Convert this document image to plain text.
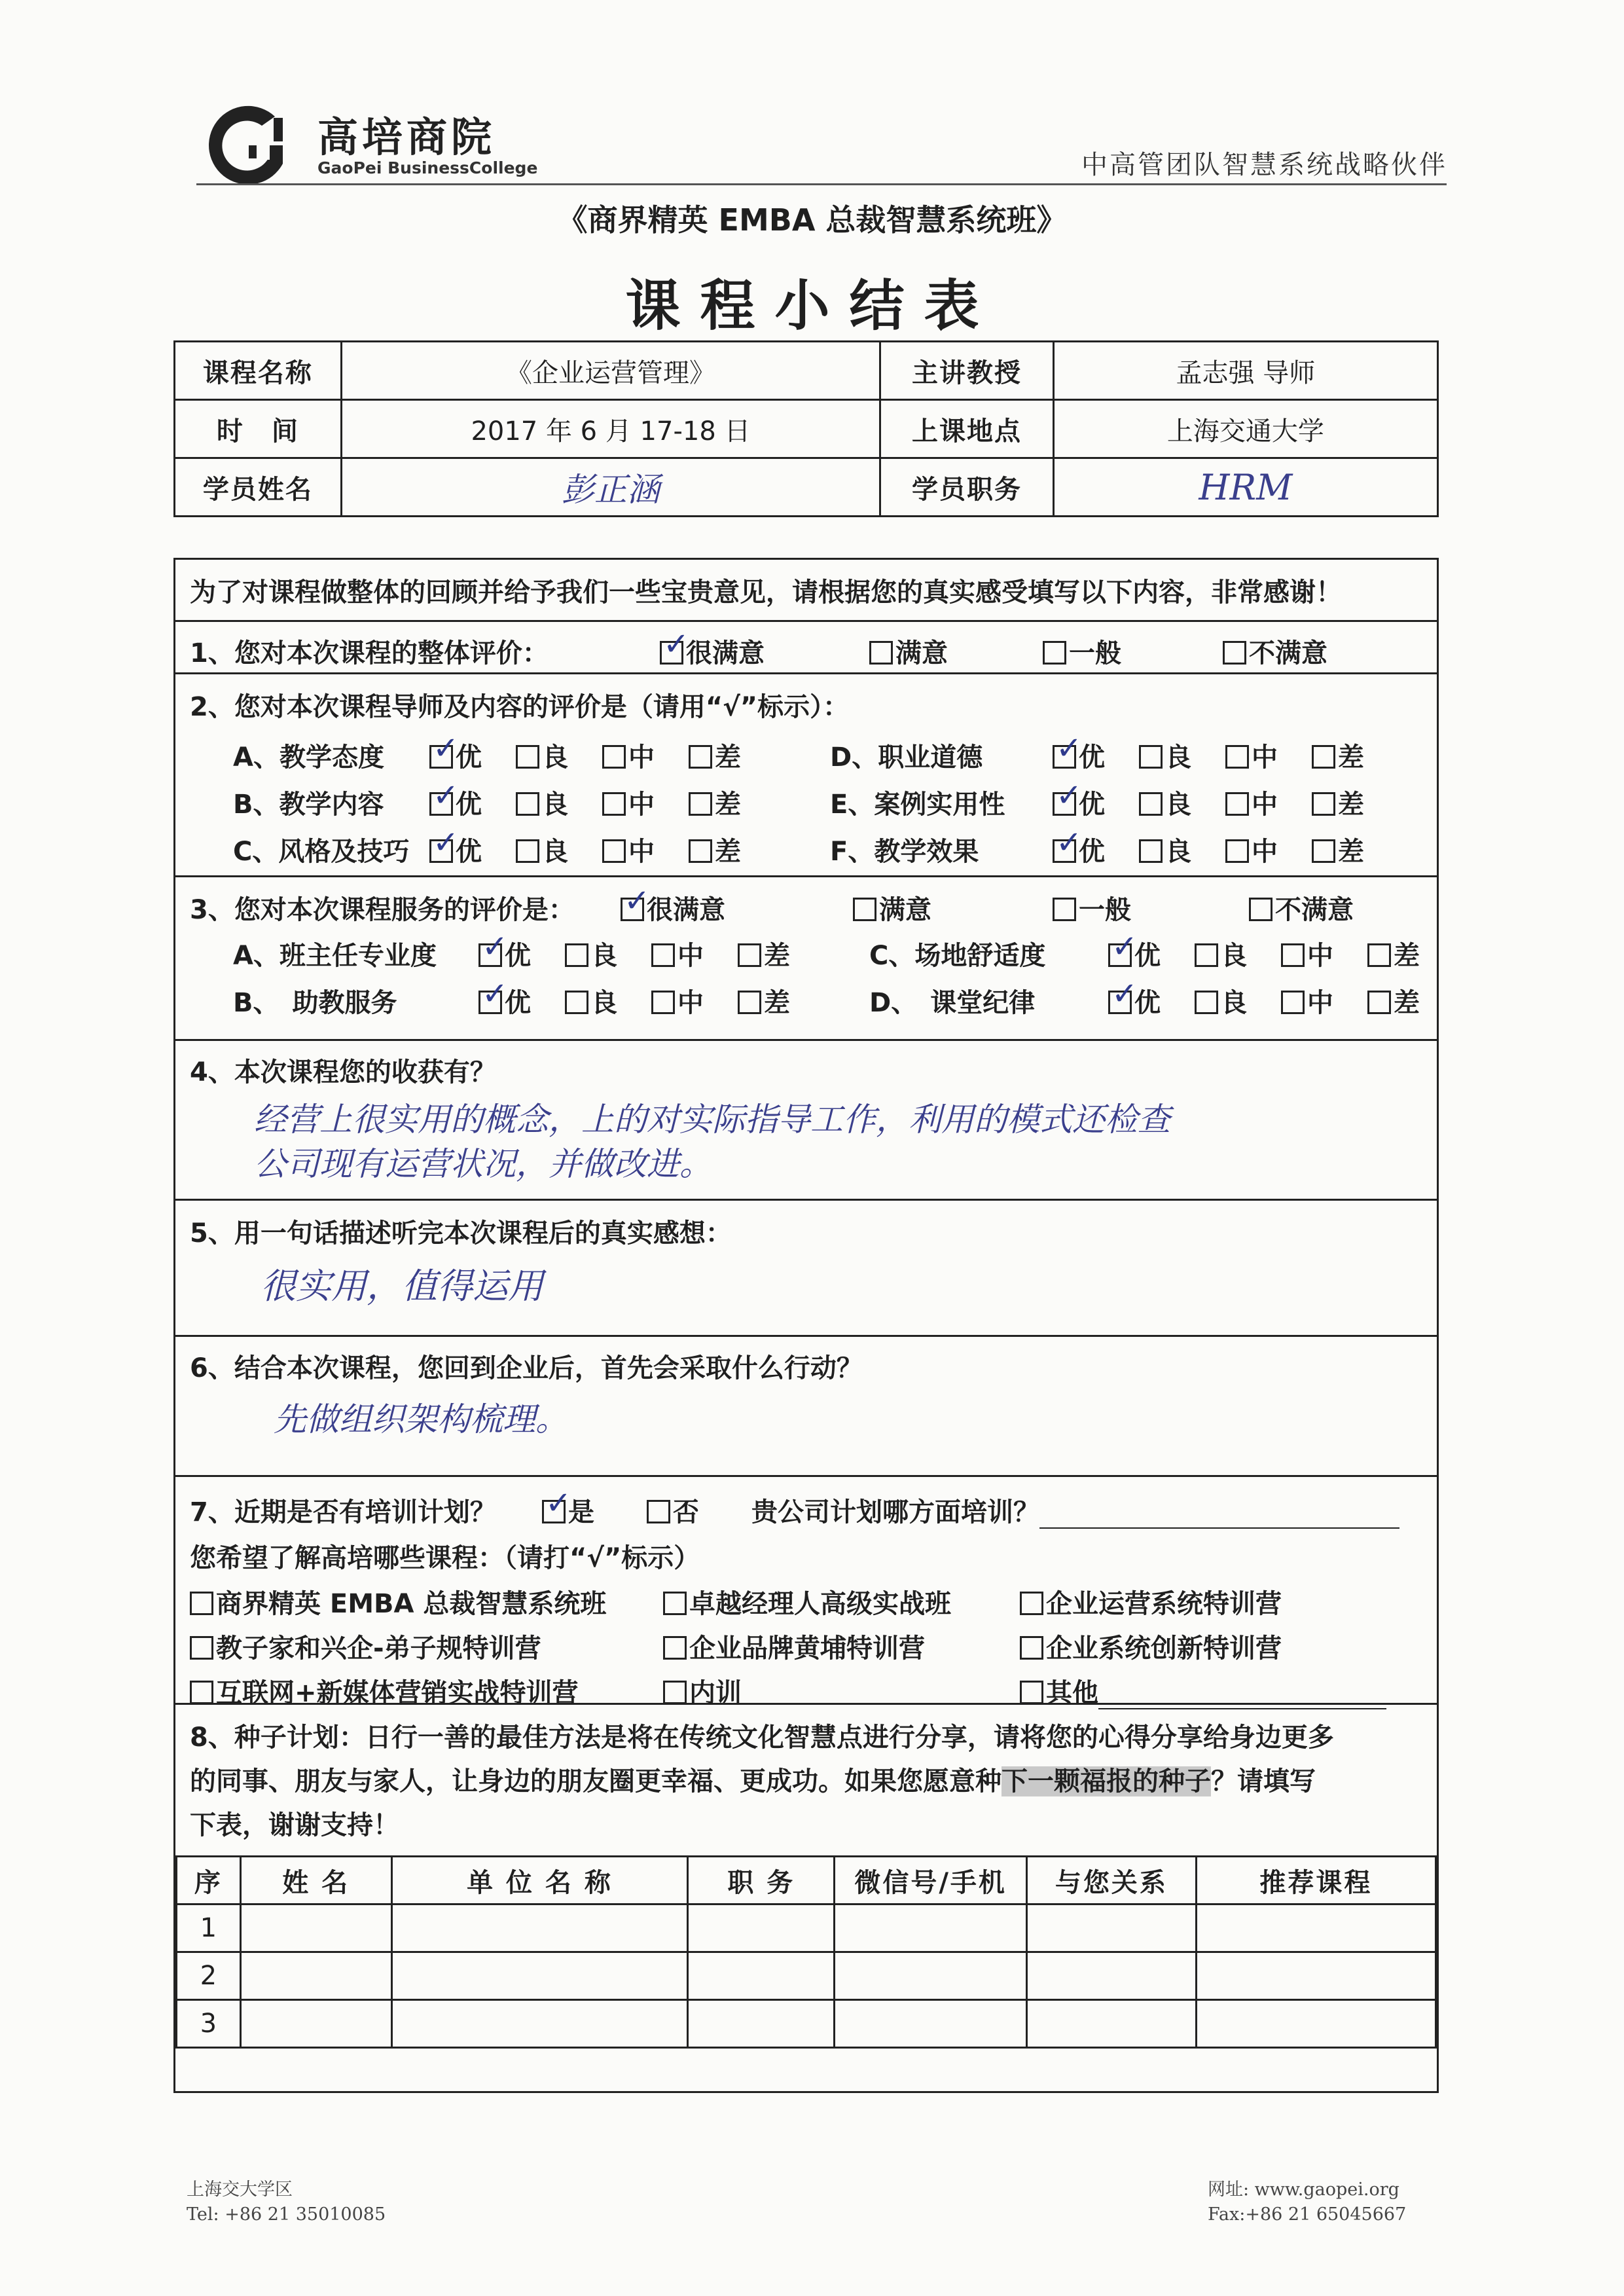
高培商院
GaoPei BusinessCollege	中高管团队智慧系统战略伙伴
《商界精英 EMBA 总裁智慧系统班》
课程小结表
课程名称	《企业运营管理》	主讲教授	孟志强 导师
时　间	2017 年 6 月 17-18 日	上课地点	上海交通大学
学员姓名	彭正涵	学员职务	HRM
为了对课程做整体的回顾并给予我们一些宝贵意见，请根据您的真实感受填写以下内容，非常感谢！
1、您对本次课程的整体评价： ✓	很满意	满意	一般	不满意
2、您对本次课程导师及内容的评价是（请用“√”标示）：
A、教学态度 ✓	优 良 中 差
B、教学内容 ✓	优 良 中 差
C、风格及技巧 ✓ 优 良 中 差
D、职业道德 ✓	优 良 中 差
E、案例实用性 ✓	优 良 中 差
F、教学效果 ✓	优 良 中 差
3、您对本次课程服务的评价是： ✓	很满意	满意	一般	不满意
A、班主任专业度 ✓	优 良 中 差
B、　助教服务 ✓	优 良 中 差
C、场地舒适度 ✓	优 良 中 差
D、　课堂纪律 ✓	优 良 中 差
4、本次课程您的收获有？
经营上很实用的概念，上的对实际指导工作，利用的模式还检查
公司现有运营状况，并做改进。
5、用一句话描述听完本次课程后的真实感想：
很实用，值得运用
6、结合本次课程，您回到企业后，首先会采取什么行动？
先做组织架构梳理。
7、近期是否有培训计划？ ✓	是	否 贵公司计划哪方面培训？
您希望了解高培哪些课程：（请打“√”标示）
商界精英 EMBA 总裁智慧系统班	卓越经理人高级实战班	企业运营系统特训营
教子家和兴企-弟子规特训营	企业品牌黄埔特训营	企业系统创新特训营
互联网+新媒体营销实战特训营	内训	其他
8、种子计划：日行一善的最佳方法是将在传统文化智慧点进行分享，请将您的心得分享给身边更多
的同事、朋友与家人，让身边的朋友圈更幸福、更成功。如果您愿意种下一颗福报的种子？请填写
下表，谢谢支持！
序	姓 名	单 位 名 称	职 务	微信号/手机	与您关系	推荐课程
1						
2						
3						
上海交大学区
Tel: +86 21 35010085
网址: www.gaopei.org
Fax:+86 21 65045667
